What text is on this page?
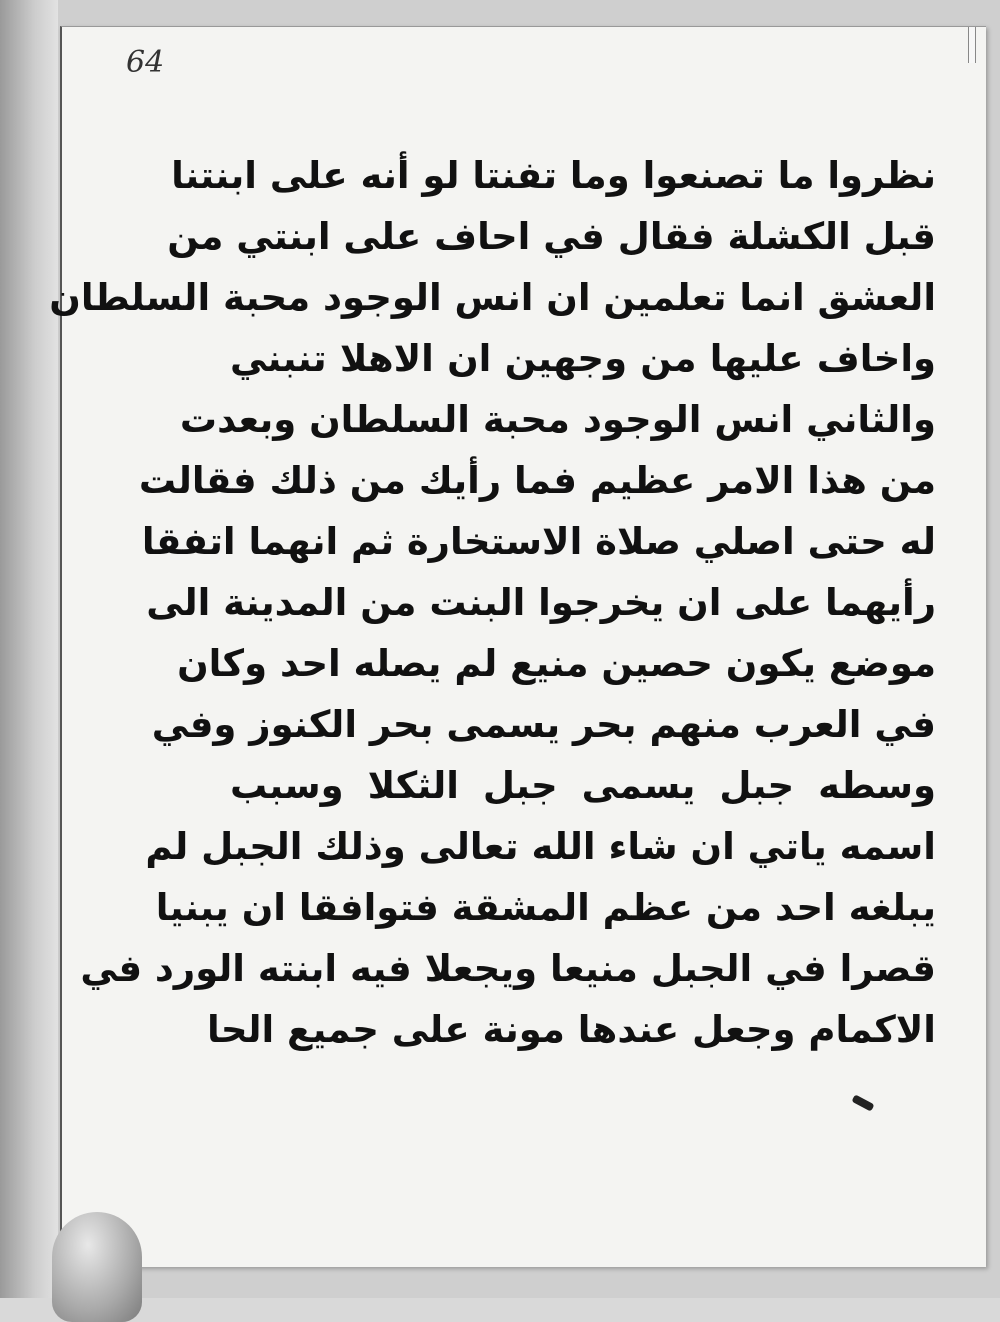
64
نظروا ما تصنعوا وما تفنتا لو أنه على ابنتنا
قبل الكشلة فقال في احاف على ابنتي من
العشق انما تعلمين ان انس الوجود محبة السلطان
واخاف عليها من وجهين ان الاهلا تنبني
والثاني انس الوجود محبة السلطان وبعدت
من هذا الامر عظيم فما رأيك من ذلك فقالت
له حتى اصلي صلاة الاستخارة ثم انهما اتفقا
رأيهما على ان يخرجوا البنت من المدينة الى
موضع يكون حصين منيع لم يصله احد وكان
في العرب منهم بحر يسمى بحر الكنوز وفي
وسطه جبل يسمى جبل الثكلا وسبب
اسمه ياتي ان شاء الله تعالى وذلك الجبل لم
يبلغه احد من عظم المشقة فتوافقا ان يبنيا
قصرا في الجبل منيعا ويجعلا فيه ابنته الورد في
الاكمام وجعل عندها مونة على جميع الحا
